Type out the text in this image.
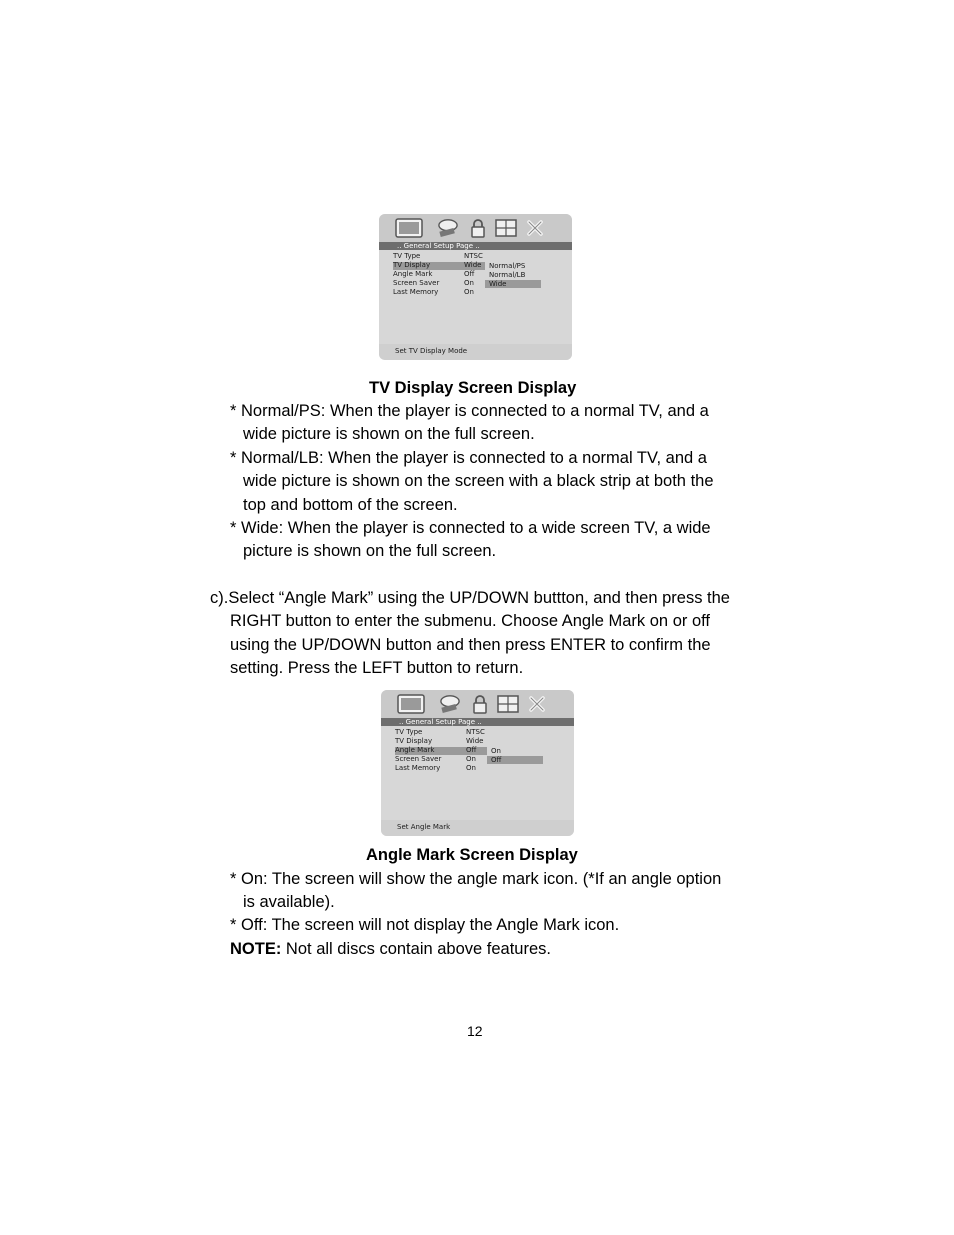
.. General Setup Page ..
TV Type	NTSC
TV Display	Wide
Angle Mark	Off
Screen Saver	On
Last Memory	On
Normal/PS
Normal/LB
Wide
Set TV Display Mode
TV Display Screen Display
* Normal/PS: When the player is connected to a normal TV, and a
wide picture is shown on the full screen.
* Normal/LB: When the player is connected to a normal TV, and a
wide picture is shown on the screen with a black strip at both the
top and bottom of the screen.
* Wide: When the player is connected to a wide screen TV, a wide
picture is shown on the full screen.
c).Select “Angle Mark” using the UP/DOWN buttton, and then press the
RIGHT button to enter the submenu. Choose Angle Mark on or off
using the UP/DOWN button and then press ENTER to confirm the
setting. Press the LEFT button to return.
.. General Setup Page ..
TV Type	NTSC
TV Display	Wide
Angle Mark	Off
Screen Saver	On
Last Memory	On
On
Off
Set Angle Mark
Angle Mark Screen Display
* On: The screen will show the angle mark icon. (*If an angle option
is available).
* Off: The screen will not display the Angle Mark icon.
NOTE: Not all discs contain above features.
12
